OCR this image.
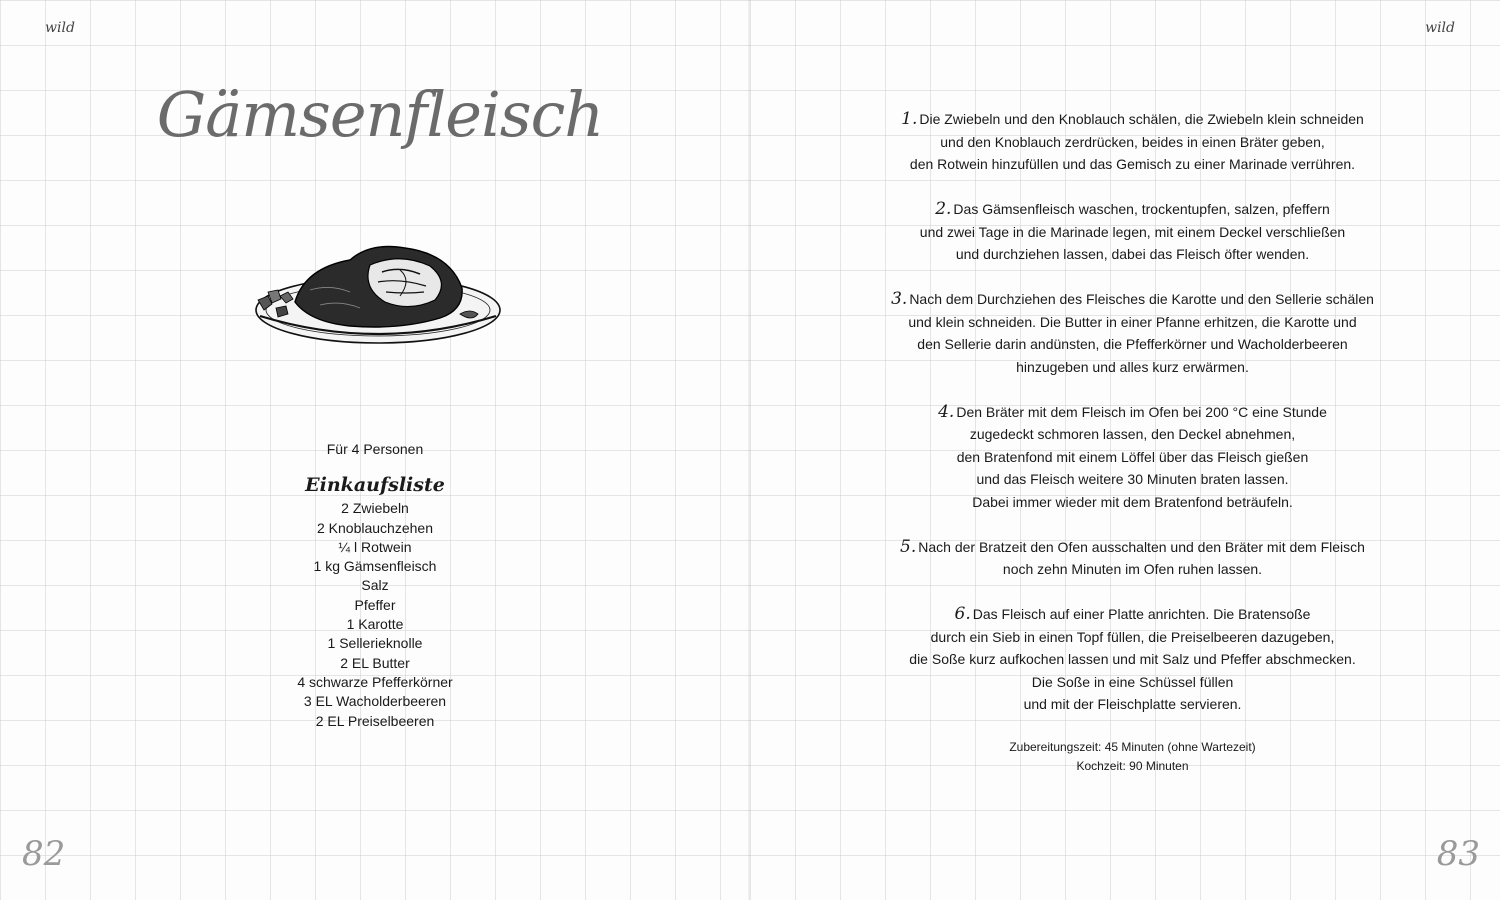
wild
Gämsenfleisch
Für 4 Personen
Einkaufsliste
2 Zwiebeln
2 Knoblauchzehen
¼ l Rotwein
1 kg Gämsenfleisch
Salz
Pfeffer
1 Karotte
1 Sellerieknolle
2 EL Butter
4 schwarze Pfefferkörner
3 EL Wacholderbeeren
2 EL Preiselbeeren
82
wild
83
1. Die Zwiebeln und den Knoblauch schälen, die Zwiebeln klein schneiden
und den Knoblauch zerdrücken, beides in einen Bräter geben,
den Rotwein hinzufüllen und das Gemisch zu einer Marinade verrühren.
2. Das Gämsenfleisch waschen, trockentupfen, salzen, pfeffern
und zwei Tage in die Marinade legen, mit einem Deckel verschließen
und durchziehen lassen, dabei das Fleisch öfter wenden.
3. Nach dem Durchziehen des Fleisches die Karotte und den Sellerie schälen
und klein schneiden. Die Butter in einer Pfanne erhitzen, die Karotte und
den Sellerie darin andünsten, die Pfefferkörner und Wacholderbeeren
hinzugeben und alles kurz erwärmen.
4. Den Bräter mit dem Fleisch im Ofen bei 200 °C eine Stunde
zugedeckt schmoren lassen, den Deckel abnehmen,
den Bratenfond mit einem Löffel über das Fleisch gießen
und das Fleisch weitere 30 Minuten braten lassen.
Dabei immer wieder mit dem Bratenfond beträufeln.
5. Nach der Bratzeit den Ofen ausschalten und den Bräter mit dem Fleisch
noch zehn Minuten im Ofen ruhen lassen.
6. Das Fleisch auf einer Platte anrichten. Die Bratensoße
durch ein Sieb in einen Topf füllen, die Preiselbeeren dazugeben,
die Soße kurz aufkochen lassen und mit Salz und Pfeffer abschmecken.
Die Soße in eine Schüssel füllen
und mit der Fleischplatte servieren.
Zubereitungszeit: 45 Minuten (ohne Wartezeit)
Kochzeit: 90 Minuten
